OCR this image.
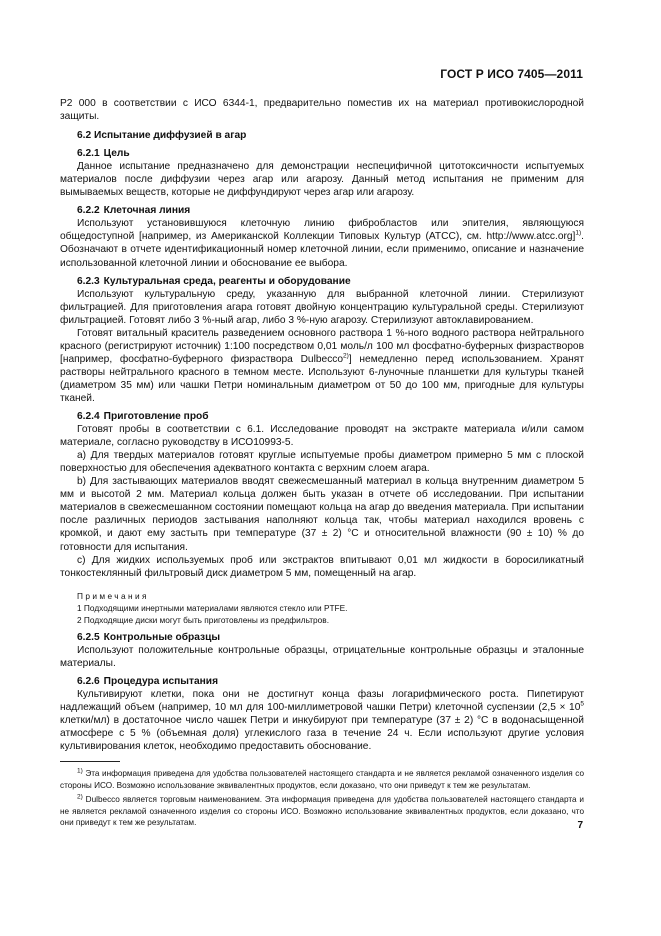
ГОСТ Р ИСО 7405—2011

Р2 000 в соответствии с ИСО 6344-1, предварительно поместив их на материал противокислородной защиты.

6.2 Испытание диффузией в агар

6.2.1 Цель

Данное испытание предназначено для демонстрации неспецифичной цитотоксичности испытуемых материалов после диффузии через агар или агарозу. Данный метод испытания не применим для вымываемых веществ, которые не диффундируют через агар или агарозу.

6.2.2 Клеточная линия

Используют установившуюся клеточную линию фибробластов или эпителия, являющуюся общедоступной [например, из Американской Коллекции Типовых Культур (АТСС), см. http://www.atcc.org]$^{1)}$. Обозначают в отчете идентификационный номер клеточной линии, если применимо, описание и назначение использованной клеточной линии и обоснование ее выбора.

6.2.3 Культуральная среда, реагенты и оборудование

Используют культуральную среду, указанную для выбранной клеточной линии. Стерилизуют фильтрацией. Для приготовления агара готовят двойную концентрацию культуральной среды. Стерилизуют фильтрацией. Готовят либо 3 %-ный агар, либо 3 %-ную агарозу. Стерилизуют автоклавированием.

Готовят витальный краситель разведением основного раствора 1 %-ного водного раствора нейтрального красного (регистрируют источник) 1:100 посредством 0,01 моль/л 100 мл фосфатно-буферных физрастворов [например, фосфатно-буферного физраствора Dulbecco$^{2)}$] немедленно перед использованием. Хранят растворы нейтрального красного в темном месте. Используют 6-луночные планшетки для культуры тканей (диаметром 35 мм) или чашки Петри номинальным диаметром от 50 до 100 мм, пригодные для культуры тканей.

6.2.4 Приготовление проб

Готовят пробы в соответствии с 6.1. Исследование проводят на экстракте материала и/или самом материале, согласно руководству в ИСО10993-5.

a) Для твердых материалов готовят круглые испытуемые пробы диаметром примерно 5 мм с плоской поверхностью для обеспечения адекватного контакта с верхним слоем агара.

b) Для застывающих материалов вводят свежесмешанный материал в кольца внутренним диаметром 5 мм и высотой 2 мм. Материал кольца должен быть указан в отчете об исследовании. При испытании материалов в свежесмешанном состоянии помещают кольца на агар до введения материала. При испытании после различных периодов застывания наполняют кольца так, чтобы материал находился вровень с кромкой, и дают ему застыть при температуре (37 ± 2) °С и относительной влажности (90 ± 10) % до готовности для испытания.

c) Для жидких используемых проб или экстрактов впитывают 0,01 мл жидкости в боросиликатный тонкостеклянный фильтровый диск диаметром 5 мм, помещенный на агар.

Примечания

1 Подходящими инертными материалами являются стекло или PTFE.

2 Подходящие диски могут быть приготовлены из предфильтров.

6.2.5 Контрольные образцы

Используют положительные контрольные образцы, отрицательные контрольные образцы и эталонные материалы.

6.2.6 Процедура испытания

Культивируют клетки, пока они не достигнут конца фазы логарифмического роста. Пипетируют надлежащий объем (например, 10 мл для 100-миллиметровой чашки Петри) клеточной суспензии ($2,5 \times 10^5$ клетки/мл) в достаточное число чашек Петри и инкубируют при температуре (37 ± 2) °С в водонасыщенной атмосфере с 5 % (объемная доля) углекислого газа в течение 24 ч. Если используют другие условия культивирования клеток, необходимо предоставить обоснование.

$^{1)}$ Эта информация приведена для удобства пользователей настоящего стандарта и не является рекламой означенного изделия со стороны ИСО. Возможно использование эквивалентных продуктов, если доказано, что они приведут к тем же результатам.

$^{2)}$ Dulbecco является торговым наименованием. Эта информация приведена для удобства пользователей настоящего стандарта и не является рекламой означенного изделия со стороны ИСО. Возможно использование эквивалентных продуктов, если доказано, что они приведут к тем же результатам.	7
